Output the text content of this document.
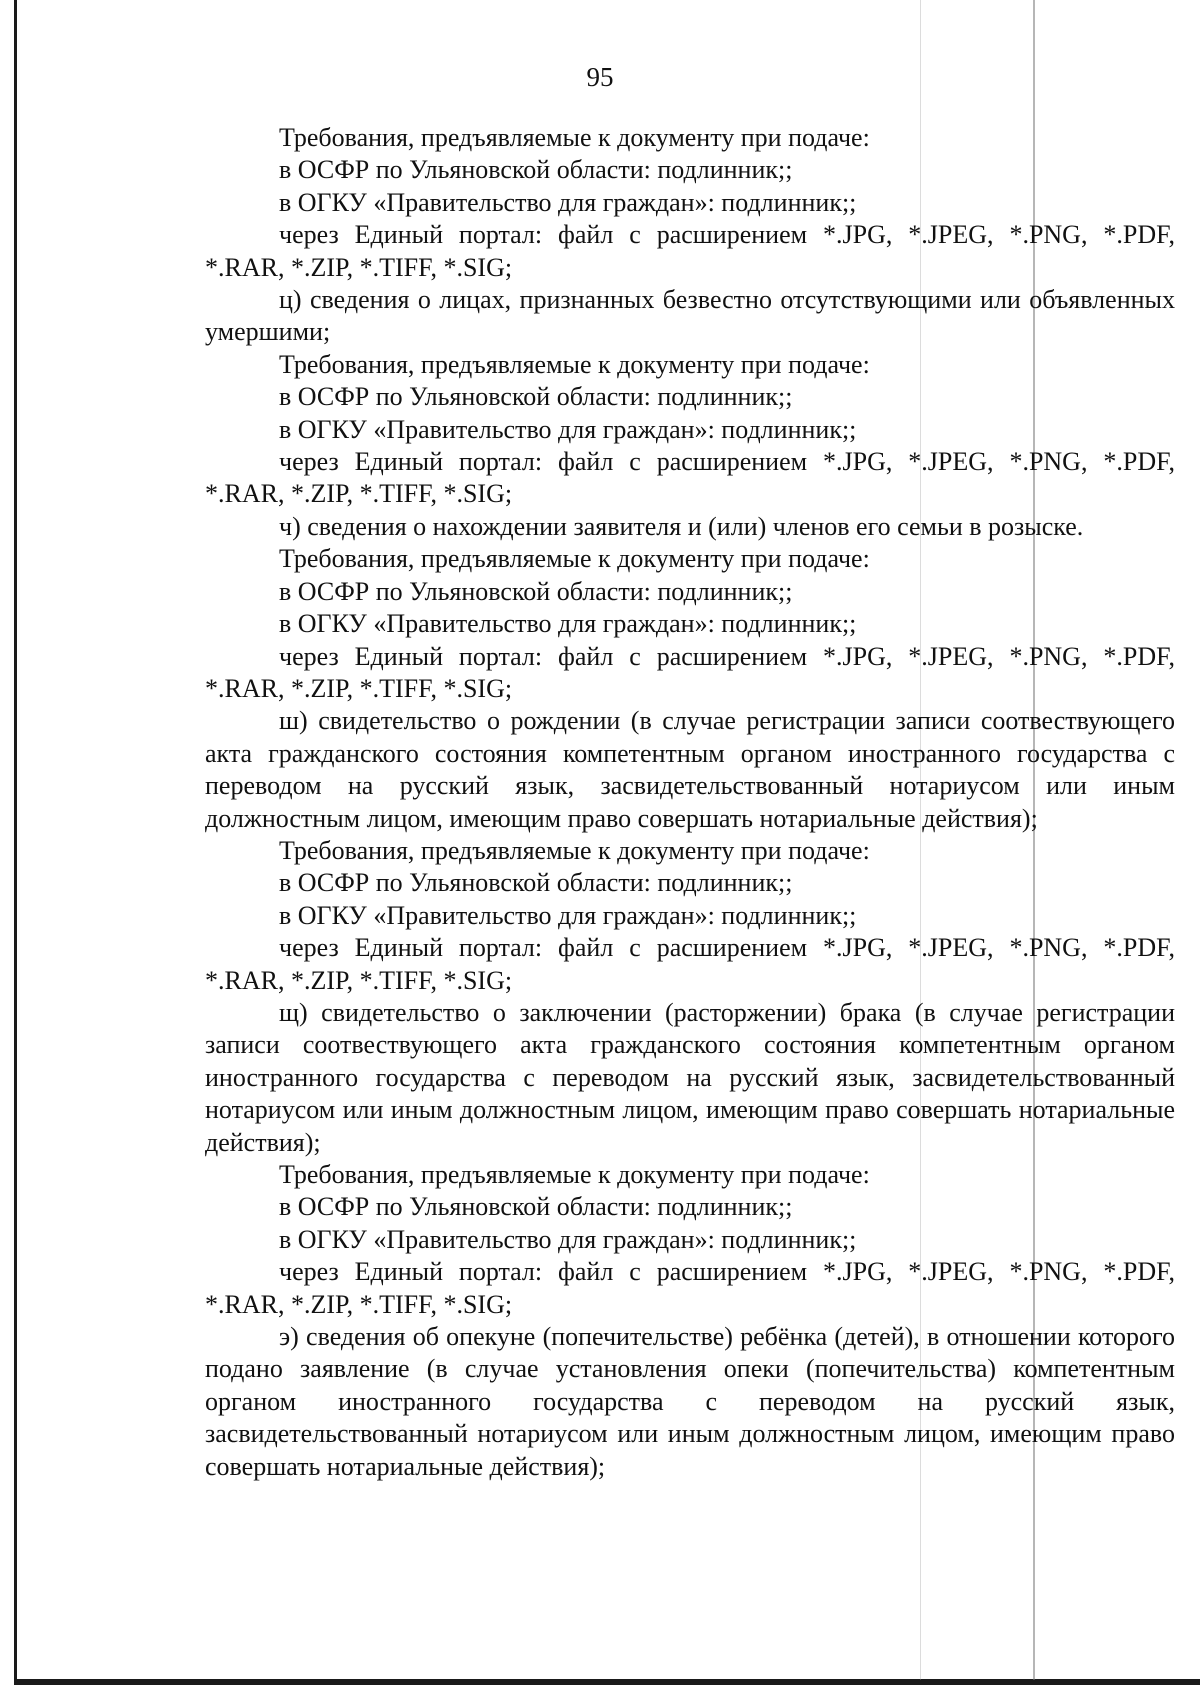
95

Требования, предъявляемые к документу при подаче:

в ОСФР по Ульяновской области: подлинник;;

в ОГКУ «Правительство для граждан»: подлинник;;

через Единый портал: файл с расширением *.JPG, *.JPEG, *.PNG, *.PDF, *.RAR, *.ZIP, *.TIFF, *.SIG;

ц) сведения о лицах, признанных безвестно отсутствующими или объявленных умершими;

Требования, предъявляемые к документу при подаче:

в ОСФР по Ульяновской области: подлинник;;

в ОГКУ «Правительство для граждан»: подлинник;;

через Единый портал: файл с расширением *.JPG, *.JPEG, *.PNG, *.PDF, *.RAR, *.ZIP, *.TIFF, *.SIG;

ч) сведения о нахождении заявителя и (или) членов его семьи в розыске.

Требования, предъявляемые к документу при подаче:

в ОСФР по Ульяновской области: подлинник;;

в ОГКУ «Правительство для граждан»: подлинник;;

через Единый портал: файл с расширением *.JPG, *.JPEG, *.PNG, *.PDF, *.RAR, *.ZIP, *.TIFF, *.SIG;

ш) свидетельство о рождении (в случае регистрации записи соотвествующего акта гражданского состояния компетентным органом иностранного государства с переводом на русский язык, засвидетельствованный нотариусом или иным должностным лицом, имеющим право совершать нотариальные действия);

Требования, предъявляемые к документу при подаче:

в ОСФР по Ульяновской области: подлинник;;

в ОГКУ «Правительство для граждан»: подлинник;;

через Единый портал: файл с расширением *.JPG, *.JPEG, *.PNG, *.PDF, *.RAR, *.ZIP, *.TIFF, *.SIG;

щ) свидетельство о заключении (расторжении) брака (в случае регистрации записи соотвествующего акта гражданского состояния компетентным органом иностранного государства с переводом на русский язык, засвидетельствованный нотариусом или иным должностным лицом, имеющим право совершать нотариальные действия);

Требования, предъявляемые к документу при подаче:

в ОСФР по Ульяновской области: подлинник;;

в ОГКУ «Правительство для граждан»: подлинник;;

через Единый портал: файл с расширением *.JPG, *.JPEG, *.PNG, *.PDF, *.RAR, *.ZIP, *.TIFF, *.SIG;

э) сведения об опекуне (попечительстве) ребёнка (детей), в отношении которого подано заявление (в случае установления опеки (попечительства) компетентным органом иностранного государства с переводом на русский язык, засвидетельствованный нотариусом или иным должностным лицом, имеющим право совершать нотариальные действия);
